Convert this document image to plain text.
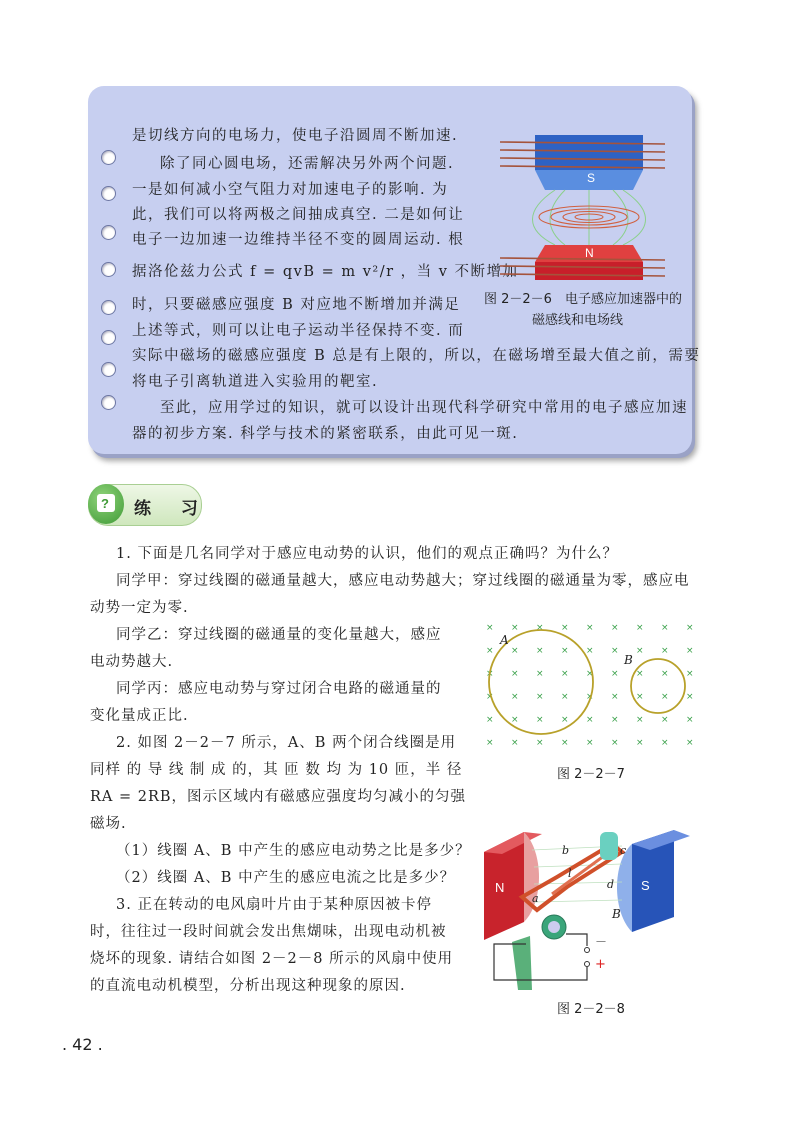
是切线方向的电场力，使电子沿圆周不断加速.
除了同心圆电场，还需解决另外两个问题.
一是如何减小空气阻力对加速电子的影响. 为
此，我们可以将两极之间抽成真空. 二是如何让
电子一边加速一边维持半径不变的圆周运动. 根
据洛伦兹力公式 f = qvB = m v²/r ，当 v 不断增加
时，只要磁感应强度 B 对应地不断增加并满足
上述等式，则可以让电子运动半径保持不变. 而
实际中磁场的磁感应强度 B 总是有上限的，所以，在磁场增至最大值之前，需要
将电子引离轨道进入实验用的靶室.
至此，应用学过的知识，就可以设计出现代科学研究中常用的电子感应加速
器的初步方案. 科学与技术的紧密联系，由此可见一斑.
S
N
图 2－2－6　电子感应加速器中的
磁感线和电场线
? 练 习
1. 下面是几名同学对于感应电动势的认识，他们的观点正确吗？为什么？
同学甲：穿过线圈的磁通量越大，感应电动势越大；穿过线圈的磁通量为零，感应电
动势一定为零.
同学乙：穿过线圈的磁通量的变化量越大，感应
电动势越大.
同学丙：感应电动势与穿过闭合电路的磁通量的
变化量成正比.
2. 如图 2－2－7 所示，A、B 两个闭合线圈是用
同样 的 导 线 制 成 的，其 匝 数 均 为 10 匝，半 径
RA = 2RB，图示区域内有磁感应强度均匀减小的匀强
磁场.
（1）线圈 A、B 中产生的感应电动势之比是多少？
（2）线圈 A、B 中产生的感应电流之比是多少？
3. 正在转动的电风扇叶片由于某种原因被卡停
时，往往过一段时间就会发出焦煳味，出现电动机被
烧坏的现象. 请结合如图 2－2－8 所示的风扇中使用
的直流电动机模型，分析出现这种现象的原因.
× × × × × × × × ×
× × × × × × × × ×
× × × × × × × × ×
× × × × × × × × ×
× × × × × × × × ×
× × × × × × × × ×
A
B
图 2－2－7
N	S
a
b	c
d
l
B
－
+
图 2－2－8
. 42 .
